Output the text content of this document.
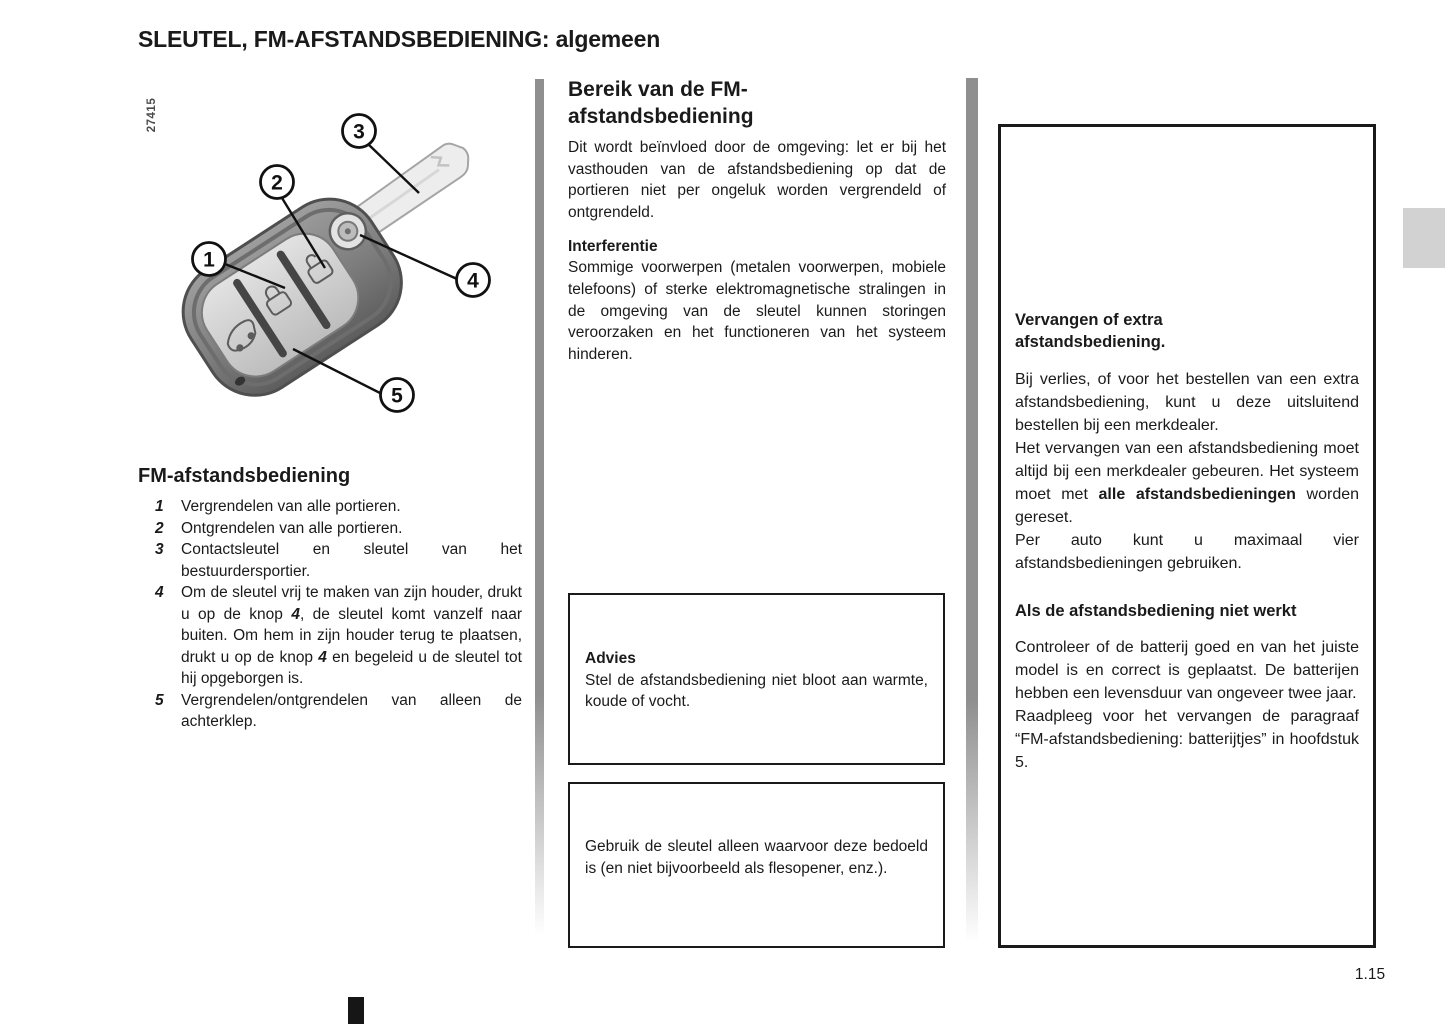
SLEUTEL, FM-AFSTANDSBEDIENING: algemeen
27415
1
2
3
4
5
FM-afstandsbediening
1	Vergrendelen van alle portieren.
2	Ontgrendelen van alle portieren.
3	Contactsleutel en sleutel van het bestuurdersportier.
4	Om de sleutel vrij te maken van zijn houder, drukt u op de knop 4, de sleutel komt vanzelf naar buiten. Om hem in zijn houder terug te plaatsen, drukt u op de knop 4 en begeleid u de sleutel tot hij opgeborgen is.
5	Vergrendelen/ontgrendelen van alleen de achterklep.
Bereik van de FM-
afstandsbediening

Dit wordt beïnvloed door de omgeving: let er bij het vasthouden van de afstandsbediening op dat de portieren niet per ongeluk worden vergrendeld of ontgrendeld.

Interferentie

Sommige voorwerpen (metalen voorwerpen, mobiele telefoons) of sterke elektromagnetische stralingen in de omgeving van de sleutel kunnen storingen veroorzaken en het functioneren van het systeem hinderen.

Advies
Stel de afstandsbediening niet bloot aan warmte, koude of vocht.
Gebruik de sleutel alleen waarvoor deze bedoeld is (en niet bijvoorbeeld als flesopener, enz.).
Vervangen of extra
afstandsbediening.

Bij verlies, of voor het bestellen van een extra afstandsbediening, kunt u deze uitsluitend bestellen bij een merkdealer.

Het vervangen van een afstandsbediening moet altijd bij een merkdealer gebeuren. Het systeem moet met alle afstandsbedieningen worden gereset.

Per auto kunt u maximaal vier afstandsbedieningen gebruiken.

Als de afstandsbediening niet werkt

Controleer of de batterij goed en van het juiste model is en correct is geplaatst. De batterijen hebben een levensduur van ongeveer twee jaar.

Raadpleeg voor het vervangen de paragraaf “FM-afstandsbediening: batterijtjes” in hoofdstuk 5.

1.15
